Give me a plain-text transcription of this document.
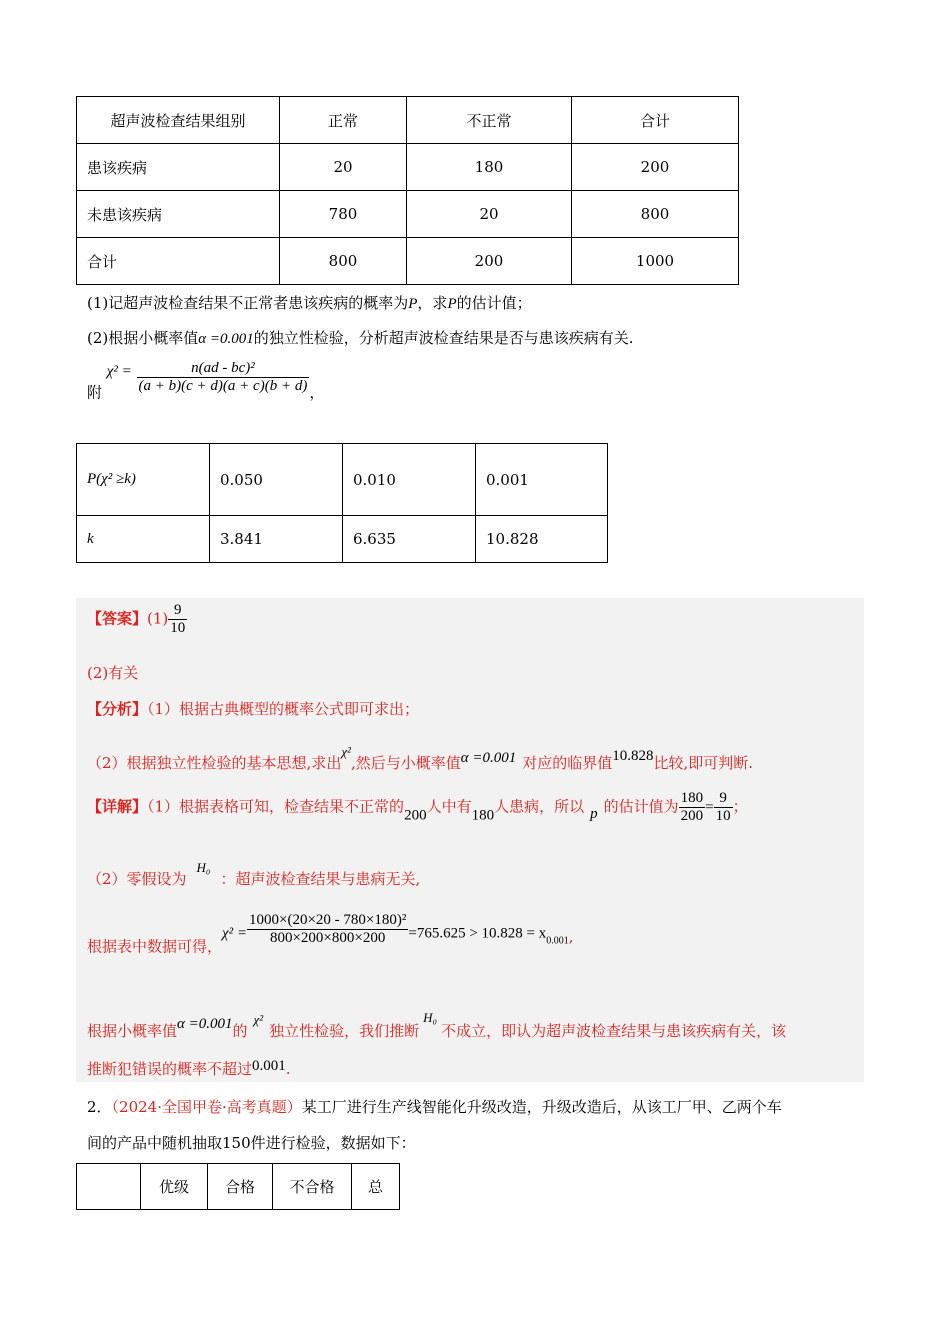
超声波检查结果组别	正常	不正常	合计
患该疾病	20	180	200
未患该疾病	780	20	800
合计	800	200	1000
(1)记超声波检查结果不正常者患该疾病的概率为P，求P的估计值；
(2)根据小概率值α =0.001的独立性检验，分析超声波检查结果是否与患该疾病有关.
附 $\chi^2 = \frac{\text{n(ad - bc)²}}{(a + b)(c + d)(a + c)(b + d)}$ ，
P(χ² ≥k)	0.050	0.010	0.001
k	3.841	6.635	10.828
【答案】$(1) \frac{9}{10}$
(2)有关
【分析】（1）根据古典概型的概率公式即可求出；
（2）根据独立性检验的基本思想,求出χ²,然后与小概率值α =0.001 对应的临界值10.828比较,即可判断.
【详解】（1）根据表格可知，检查结果不正常的200人中有180人患病，所以 p 的估计值为 $\frac{180}{200} = \frac{9}{10}$ ；
（2）零假设为H₀：超声波检查结果与患病无关,
根据表中数据可得，$\chi^2 = \frac{\text{1000×(20×20 - 780×180)²}}{800\times 200\times 800\times 200} =765.625 > 10.828 = x_{0.001}$,
根据小概率值α =0.001的χ²独立性检验，我们推断H₀不成立，即认为超声波检查结果与患该疾病有关，该
推断犯错误的概率不超过0.001.
2．（2024·全国甲卷·高考真题）某工厂进行生产线智能化升级改造，升级改造后，从该工厂甲、乙两个车
间的产品中随机抽取150件进行检验，数据如下：
	优级	合格	不合格	总
